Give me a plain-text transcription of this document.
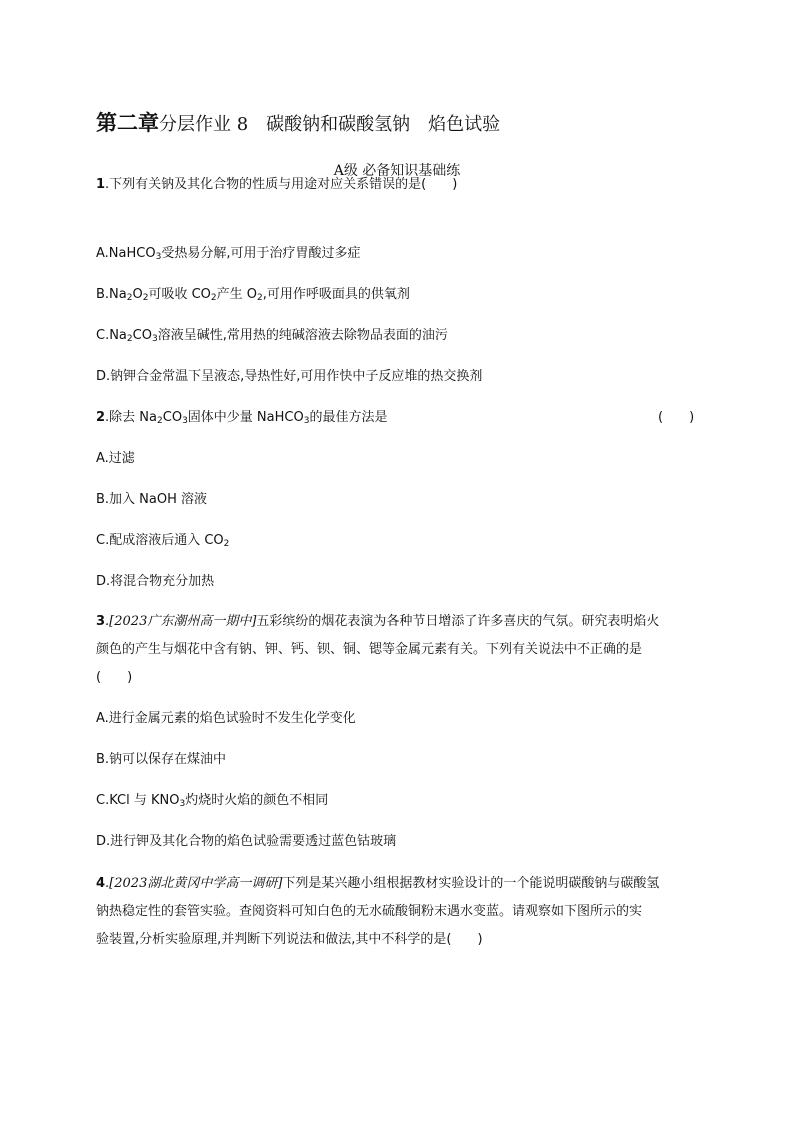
第二章分层作业 8　碳酸钠和碳酸氢钠　焰色试验
A级 必备知识基础练
1.下列有关钠及其化合物的性质与用途对应关系错误的是(　　)
A.NaHCO$_3$受热易分解,可用于治疗胃酸过多症
$B.Na_2O_2$可吸收 $CO_2$产生 $O_2$,可用作呼吸面具的供氧剂
$C.Na_2CO_3$溶液呈碱性,常用热的纯碱溶液去除物品表面的油污
D.钠钾合金常温下呈液态,导热性好,可用作快中子反应堆的热交换剂
2.除去 $Na_2CO_3$固体中少量 NaHCO$_3$的最佳方法是	(　　)
A.过滤
B.加入 NaOH 溶液
C.配成溶液后通入 $CO_2$
D.将混合物充分加热
3.[2023广东潮州高一期中]五彩缤纷的烟花表演为各种节日增添了许多喜庆的气氛。研究表明焰火
颜色的产生与烟花中含有钠、钾、钙、钡、铜、锶等金属元素有关。下列有关说法中不正确的是
(　　)
A.进行金属元素的焰色试验时不发生化学变化
B.钠可以保存在煤油中
C.KCl 与 $KNO_3$灼烧时火焰的颜色不相同
D.进行钾及其化合物的焰色试验需要透过蓝色钴玻璃
4.[2023湖北黄冈中学高一调研]下列是某兴趣小组根据教材实验设计的一个能说明碳酸钠与碳酸氢
钠热稳定性的套管实验。查阅资料可知白色的无水硫酸铜粉末遇水变蓝。请观察如下图所示的实
验装置,分析实验原理,并判断下列说法和做法,其中不科学的是(　　)
